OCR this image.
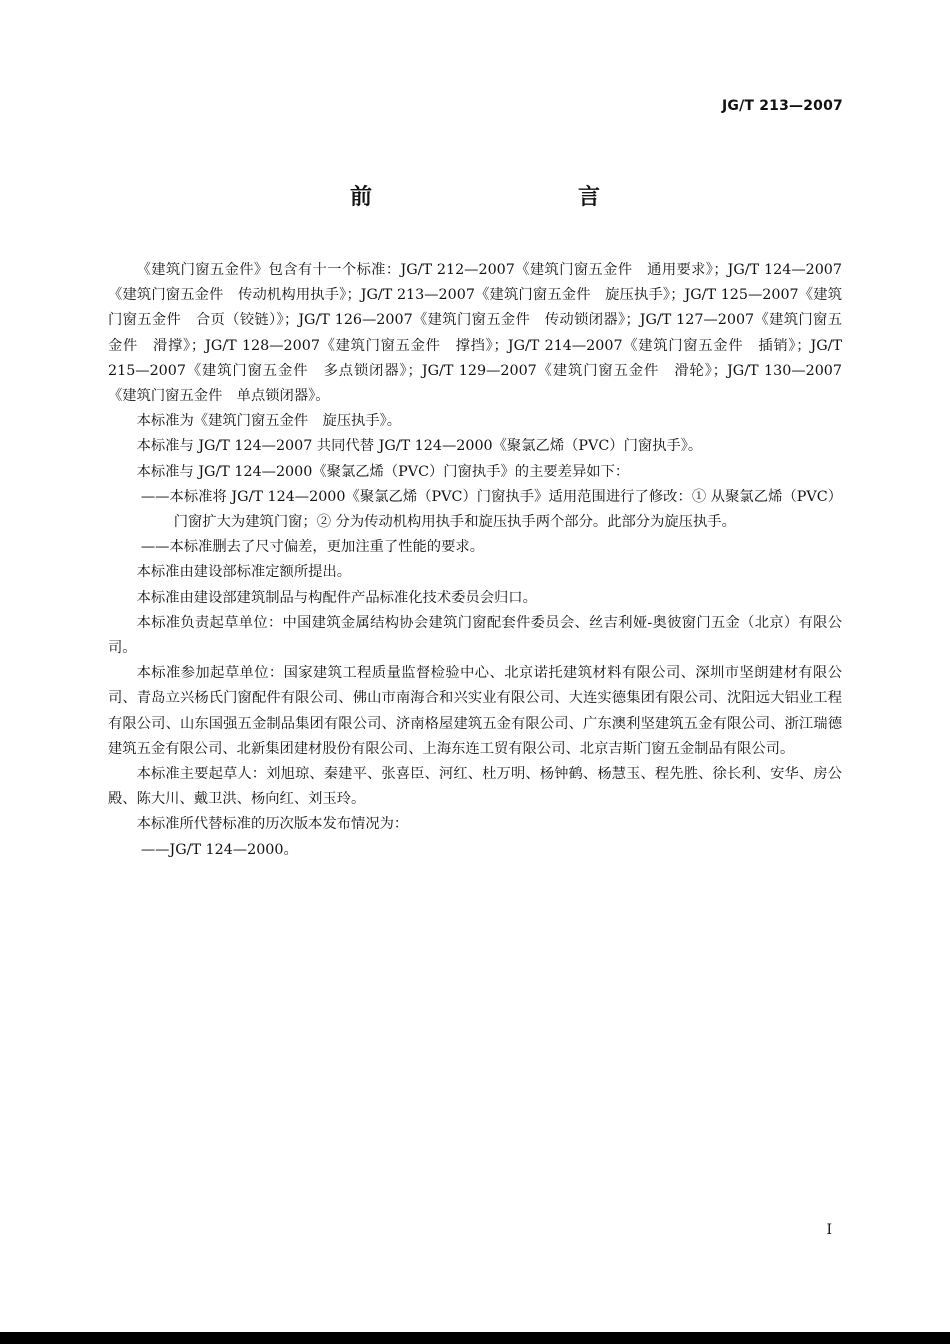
JG/T 213—2007
前　　言

《建筑门窗五金件》包含有十一个标准：JG/T 212—2007《建筑门窗五金件　通用要求》；JG/T 124—2007《建筑门窗五金件　传动机构用执手》；JG/T 213—2007《建筑门窗五金件　旋压执手》；JG/T 125—2007《建筑门窗五金件　合页（铰链）》；JG/T 126—2007《建筑门窗五金件　传动锁闭器》；JG/T 127—2007《建筑门窗五金件　滑撑》；JG/T 128—2007《建筑门窗五金件　撑挡》；JG/T 214—2007《建筑门窗五金件　插销》；JG/T 215—2007《建筑门窗五金件　多点锁闭器》；JG/T 129—2007《建筑门窗五金件　滑轮》；JG/T 130—2007《建筑门窗五金件　单点锁闭器》。

本标准为《建筑门窗五金件　旋压执手》。

本标准与 JG/T 124—2007 共同代替 JG/T 124—2000《聚氯乙烯（PVC）门窗执手》。

本标准与 JG/T 124—2000《聚氯乙烯（PVC）门窗执手》的主要差异如下：

——本标准将 JG/T 124—2000《聚氯乙烯（PVC）门窗执手》适用范围进行了修改：① 从聚氯乙烯（PVC）门窗扩大为建筑门窗；② 分为传动机构用执手和旋压执手两个部分。此部分为旋压执手。
——本标准删去了尺寸偏差，更加注重了性能的要求。

本标准由建设部标准定额所提出。

本标准由建设部建筑制品与构配件产品标准化技术委员会归口。

本标准负责起草单位：中国建筑金属结构协会建筑门窗配套件委员会、丝吉利娅-奥彼窗门五金（北京）有限公司。

本标准参加起草单位：国家建筑工程质量监督检验中心、北京诺托建筑材料有限公司、深圳市坚朗建材有限公司、青岛立兴杨氏门窗配件有限公司、佛山市南海合和兴实业有限公司、大连实德集团有限公司、沈阳远大铝业工程有限公司、山东国强五金制品集团有限公司、济南格屋建筑五金有限公司、广东澳利坚建筑五金有限公司、浙江瑞德建筑五金有限公司、北新集团建材股份有限公司、上海东连工贸有限公司、北京吉斯门窗五金制品有限公司。

本标准主要起草人：刘旭琼、秦建平、张喜臣、河红、杜万明、杨钟鹤、杨慧玉、程先胜、徐长利、安华、房公殿、陈大川、戴卫洪、杨向红、刘玉玲。

本标准所代替标准的历次版本发布情况为：

——JG/T 124—2000。
I
